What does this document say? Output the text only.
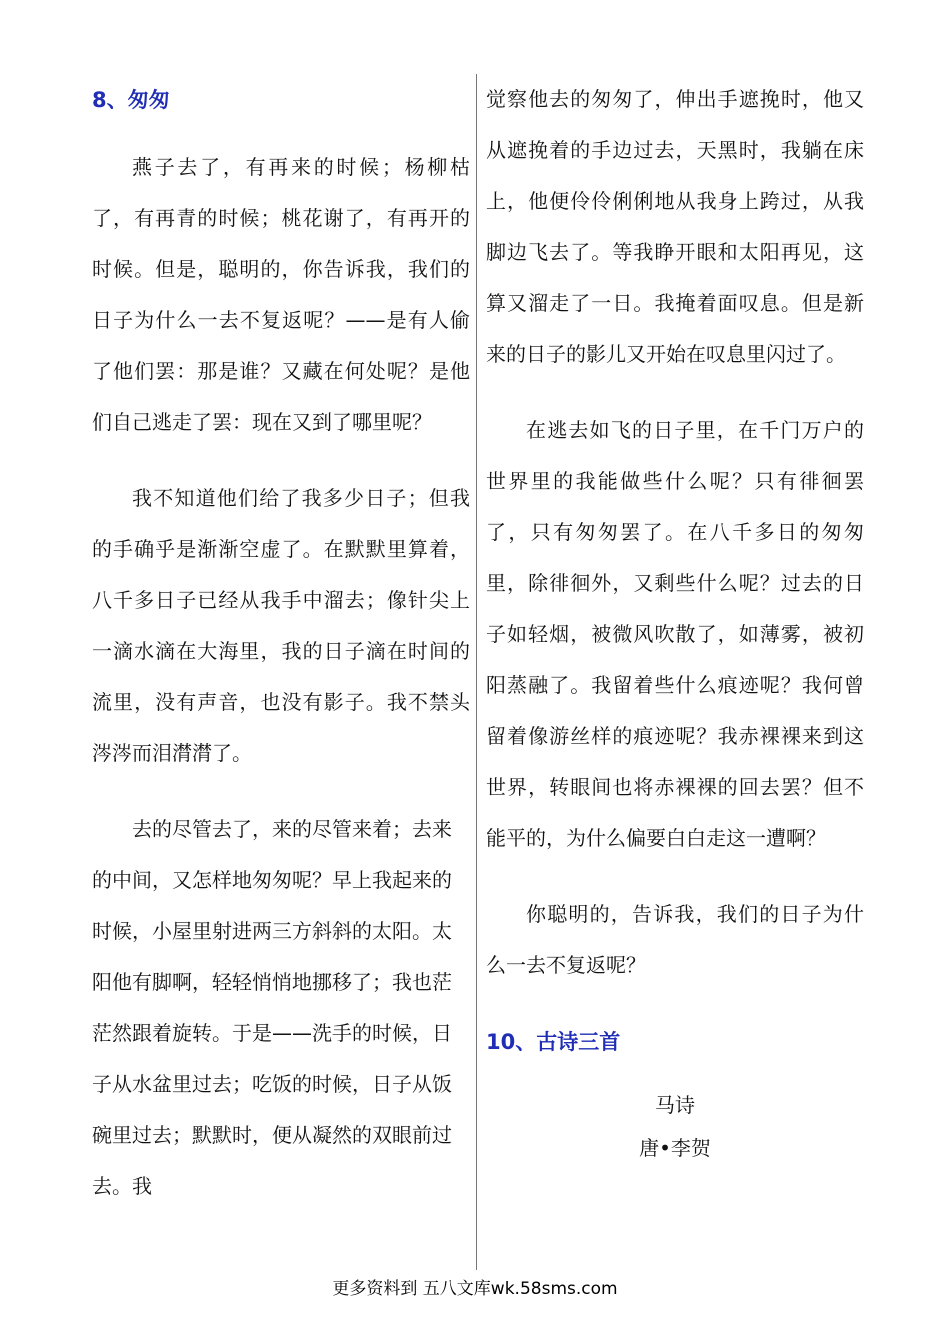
8、匆匆

燕子去了，有再来的时候；杨柳枯了，有再青的时候；桃花谢了，有再开的时候。但是，聪明的，你告诉我，我们的日子为什么一去不复返呢？——是有人偷了他们罢：那是谁？又藏在何处呢？是他们自己逃走了罢：现在又到了哪里呢？

我不知道他们给了我多少日子；但我的手确乎是渐渐空虚了。在默默里算着，八千多日子已经从我手中溜去；像针尖上一滴水滴在大海里，我的日子滴在时间的流里，没有声音，也没有影子。我不禁头涔涔而泪潸潸了。

去的尽管去了，来的尽管来着；去来的中间，又怎样地匆匆呢？早上我起来的时候，小屋里射进两三方斜斜的太阳。太阳他有脚啊，轻轻悄悄地挪移了；我也茫茫然跟着旋转。于是——洗手的时候，日子从水盆里过去；吃饭的时候，日子从饭碗里过去；默默时，便从凝然的双眼前过去。我

觉察他去的匆匆了，伸出手遮挽时，他又从遮挽着的手边过去，天黑时，我躺在床上，他便伶伶俐俐地从我身上跨过，从我脚边飞去了。等我睁开眼和太阳再见，这算又溜走了一日。我掩着面叹息。但是新来的日子的影儿又开始在叹息里闪过了。

在逃去如飞的日子里，在千门万户的世界里的我能做些什么呢？只有徘徊罢了，只有匆匆罢了。在八千多日的匆匆里，除徘徊外，又剩些什么呢？过去的日子如轻烟，被微风吹散了，如薄雾，被初阳蒸融了。我留着些什么痕迹呢？我何曾留着像游丝样的痕迹呢？我赤裸裸来到这世界，转眼间也将赤裸裸的回去罢？但不能平的，为什么偏要白白走这一遭啊？

你聪明的，告诉我，我们的日子为什么一去不复返呢？

10、古诗三首
马诗
唐•李贺
更多资料到 五八文库wk.58sms.com
